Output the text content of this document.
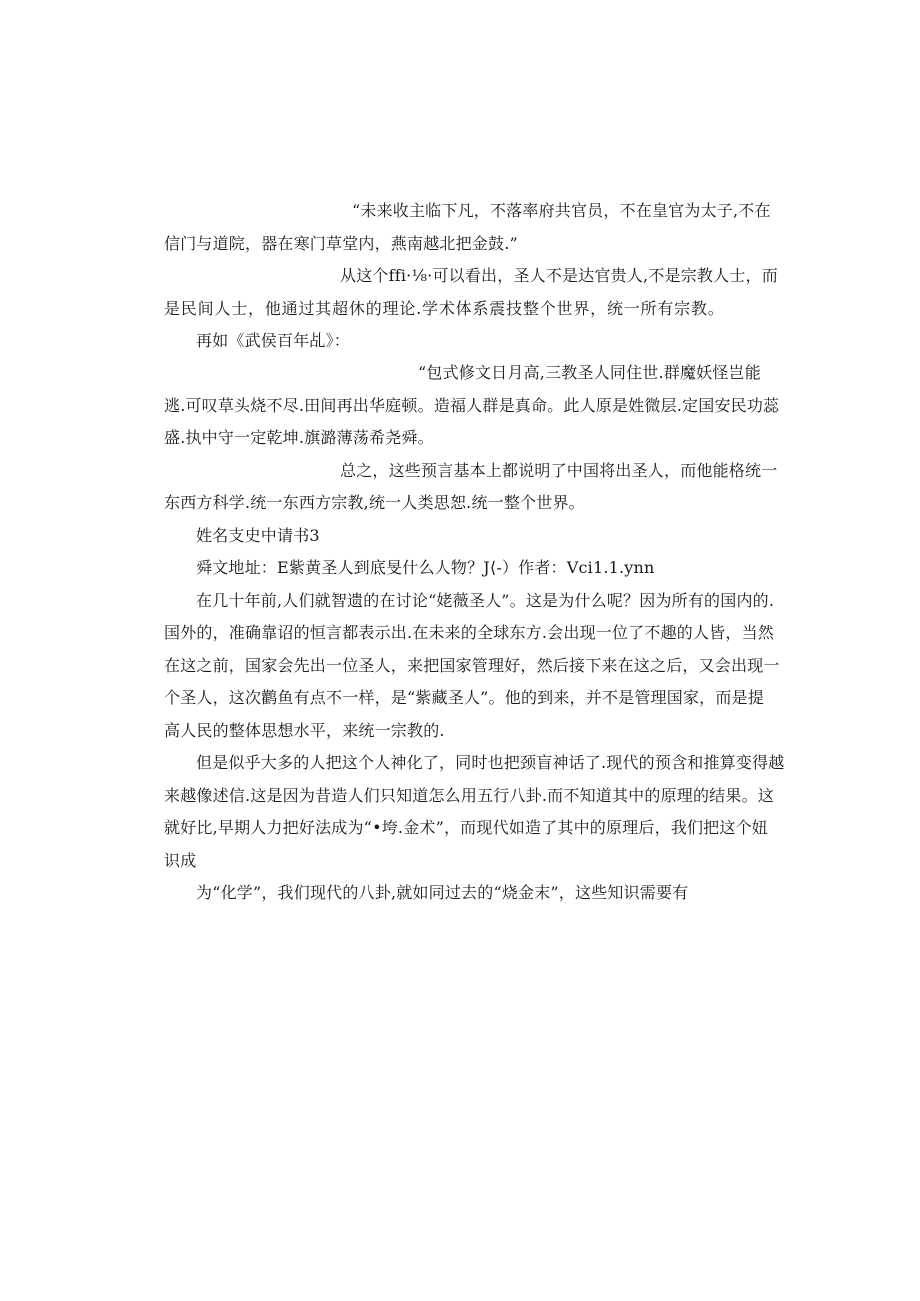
“未来收主临下凡，不落率府共官员，不在皇官为太子,不在
信门与道院，器在寒门草堂内，燕南越北把金鼓.”
从这个ffi·⅛·可以看出，圣人不是达官贵人,不是宗教人士，而
是民间人士，他通过其超休的理论.学术体系震技整个世界，统一所有宗教。
再如《武侯百年乩》：
“包式修文日月高,三教圣人同住世.群魔妖怪岂能
逃.可叹草头烧不尽.田间再出华庭顿。造福人群是真命。此人原是姓微层.定国安民功蕊
盛.执中守一定乾坤.旗潞薄荡希尧舜。
总之，这些预言基本上都说明了中国将出圣人，而他能格统一
东西方科学.统一东西方宗教,统一人类思恕.统一整个世界。
姓名支史中请书3
舜文地址：E紫黄圣人到底旻什么人物？J⟨-）作者：Vci1.1.ynn
在几十年前,人们就智遗的在讨论“姥薇圣人”。这是为什么呢？因为所有的国内的.
国外的，准确靠诏的恒言都表示出.在未来的全球东方.会出现一位了不趣的人皆，当然
在这之前，国家会先出一位圣人，来把国家管理好，然后接下来在这之后，又会出现一
个圣人，这次鹳鱼有点不一样，是“紫藏圣人”。他的到来，并不是管理国家，而是提
高人民的整体思想水平，来统一宗教的.
但是似乎大多的人把这个人神化了，同时也把颈盲神话了.现代的预含和推算变得越
来越像述信.这是因为昔造人们只知道怎么用五行八卦.而不知道其中的原理的结果。这
就好比,早期人力把好法成为“•垮.金术”，而现代如造了其中的原理后，我们把这个妞
识成
为“化学”，我们现代的八卦,就如同过去的“烧金末”，这些知识需要有
